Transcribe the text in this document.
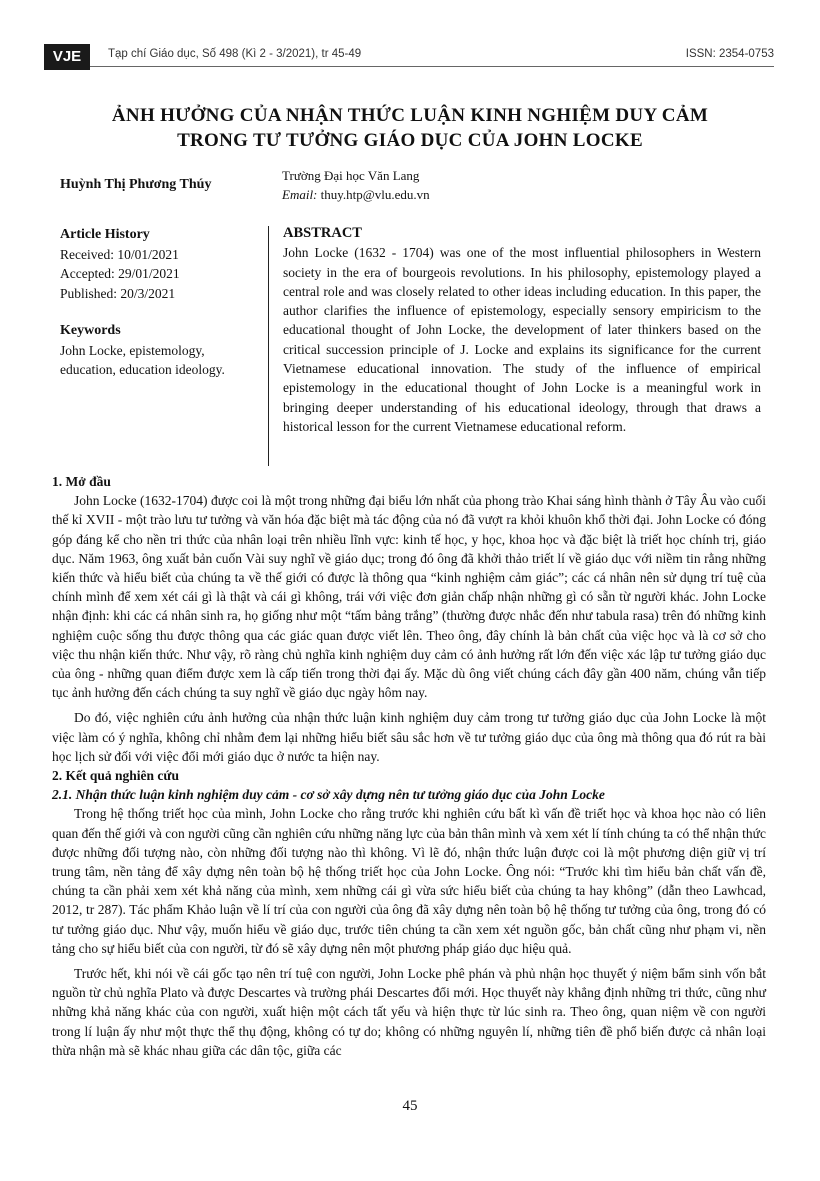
VJE	Tạp chí Giáo dục, Số 498 (Kì 2 - 3/2021), tr 45-49	ISSN: 2354-0753
ẢNH HƯỞNG CỦA NHẬN THỨC LUẬN KINH NGHIỆM DUY CẢM
TRONG TƯ TƯỞNG GIÁO DỤC CỦA JOHN LOCKE
Huỳnh Thị Phương Thúy
Trường Đại học Văn Lang
Email: thuy.htp@vlu.edu.vn
Article History
Received: 10/01/2021
Accepted: 29/01/2021
Published: 20/3/2021
Keywords
John Locke, epistemology, education, education ideology.
ABSTRACT
John Locke (1632 - 1704) was one of the most influential philosophers in Western society in the era of bourgeois revolutions. In his philosophy, epistemology played a central role and was closely related to other ideas including education. In this paper, the author clarifies the influence of epistemology, especially sensory empiricism to the educational thought of John Locke, the development of later thinkers based on the critical succession principle of J. Locke and explains its significance for the current Vietnamese educational innovation. The study of the influence of empirical epistemology in the educational thought of John Locke is a meaningful work in bringing deeper understanding of his educational ideology, through that draws a historical lesson for the current Vietnamese educational reform.

1. Mở đầu

John Locke (1632-1704) được coi là một trong những đại biểu lớn nhất của phong trào Khai sáng hình thành ở Tây Âu vào cuối thế kỉ XVII - một trào lưu tư tưởng và văn hóa đặc biệt mà tác động của nó đã vượt ra khỏi khuôn khổ thời đại. John Locke có đóng góp đáng kể cho nền tri thức của nhân loại trên nhiều lĩnh vực: kinh tế học, y học, khoa học và đặc biệt là triết học chính trị, giáo dục. Năm 1963, ông xuất bản cuốn Vài suy nghĩ về giáo dục; trong đó ông đã khởi thảo triết lí về giáo dục với niềm tin rằng những kiến thức và hiểu biết của chúng ta về thế giới có được là thông qua “kinh nghiệm cảm giác”; các cá nhân nên sử dụng trí tuệ của chính mình để xem xét cái gì là thật và cái gì không, trái với việc đơn giản chấp nhận những gì có sẵn từ người khác. John Locke nhận định: khi các cá nhân sinh ra, họ giống như một “tấm bảng trắng” (thường được nhắc đến như tabula rasa) trên đó những kinh nghiệm cuộc sống thu được thông qua các giác quan được viết lên. Theo ông, đây chính là bản chất của việc học và là cơ sở cho việc thu nhận kiến thức. Như vậy, rõ ràng chủ nghĩa kinh nghiệm duy cảm có ảnh hưởng rất lớn đến việc xác lập tư tưởng giáo dục của ông - những quan điểm được xem là cấp tiến trong thời đại ấy. Mặc dù ông viết chúng cách đây gần 400 năm, chúng vẫn tiếp tục ảnh hưởng đến cách chúng ta suy nghĩ về giáo dục ngày hôm nay.

Do đó, việc nghiên cứu ảnh hưởng của nhận thức luận kinh nghiệm duy cảm trong tư tưởng giáo dục của John Locke là một việc làm có ý nghĩa, không chỉ nhằm đem lại những hiểu biết sâu sắc hơn về tư tưởng giáo dục của ông mà thông qua đó rút ra bài học lịch sử đối với việc đổi mới giáo dục ở nước ta hiện nay.

2. Kết quả nghiên cứu

2.1. Nhận thức luận kinh nghiệm duy cảm - cơ sở xây dựng nên tư tưởng giáo dục của John Locke

Trong hệ thống triết học của mình, John Locke cho rằng trước khi nghiên cứu bất kì vấn đề triết học và khoa học nào có liên quan đến thế giới và con người cũng cần nghiên cứu những năng lực của bản thân mình và xem xét lí tính chúng ta có thể nhận thức được những đối tượng nào, còn những đối tượng nào thì không. Vì lẽ đó, nhận thức luận được coi là một phương diện giữ vị trí trung tâm, nền tảng để xây dựng nên toàn bộ hệ thống triết học của John Locke. Ông nói: “Trước khi tìm hiểu bản chất vấn đề, chúng ta cần phải xem xét khả năng của mình, xem những cái gì vừa sức hiểu biết của chúng ta hay không” (dẫn theo Lawhcad, 2012, tr 287). Tác phẩm Khảo luận về lí trí của con người của ông đã xây dựng nên toàn bộ hệ thống tư tưởng của ông, trong đó có tư tưởng giáo dục. Như vậy, muốn hiểu về giáo dục, trước tiên chúng ta cần xem xét nguồn gốc, bản chất cũng như phạm vi, nền tảng cho sự hiểu biết của con người, từ đó sẽ xây dựng nên một phương pháp giáo dục hiệu quả.

Trước hết, khi nói về cái gốc tạo nên trí tuệ con người, John Locke phê phán và phủ nhận học thuyết ý niệm bẩm sinh vốn bắt nguồn từ chủ nghĩa Plato và được Descartes và trường phái Descartes đổi mới. Học thuyết này khẳng định những tri thức, cũng như những khả năng khác của con người, xuất hiện một cách tất yếu và hiện thực từ lúc sinh ra. Theo ông, quan niệm về con người trong lí luận ấy như một thực thể thụ động, không có tự do; không có những nguyên lí, những tiên đề phổ biến được cả nhân loại thừa nhận mà sẽ khác nhau giữa các dân tộc, giữa các

45
